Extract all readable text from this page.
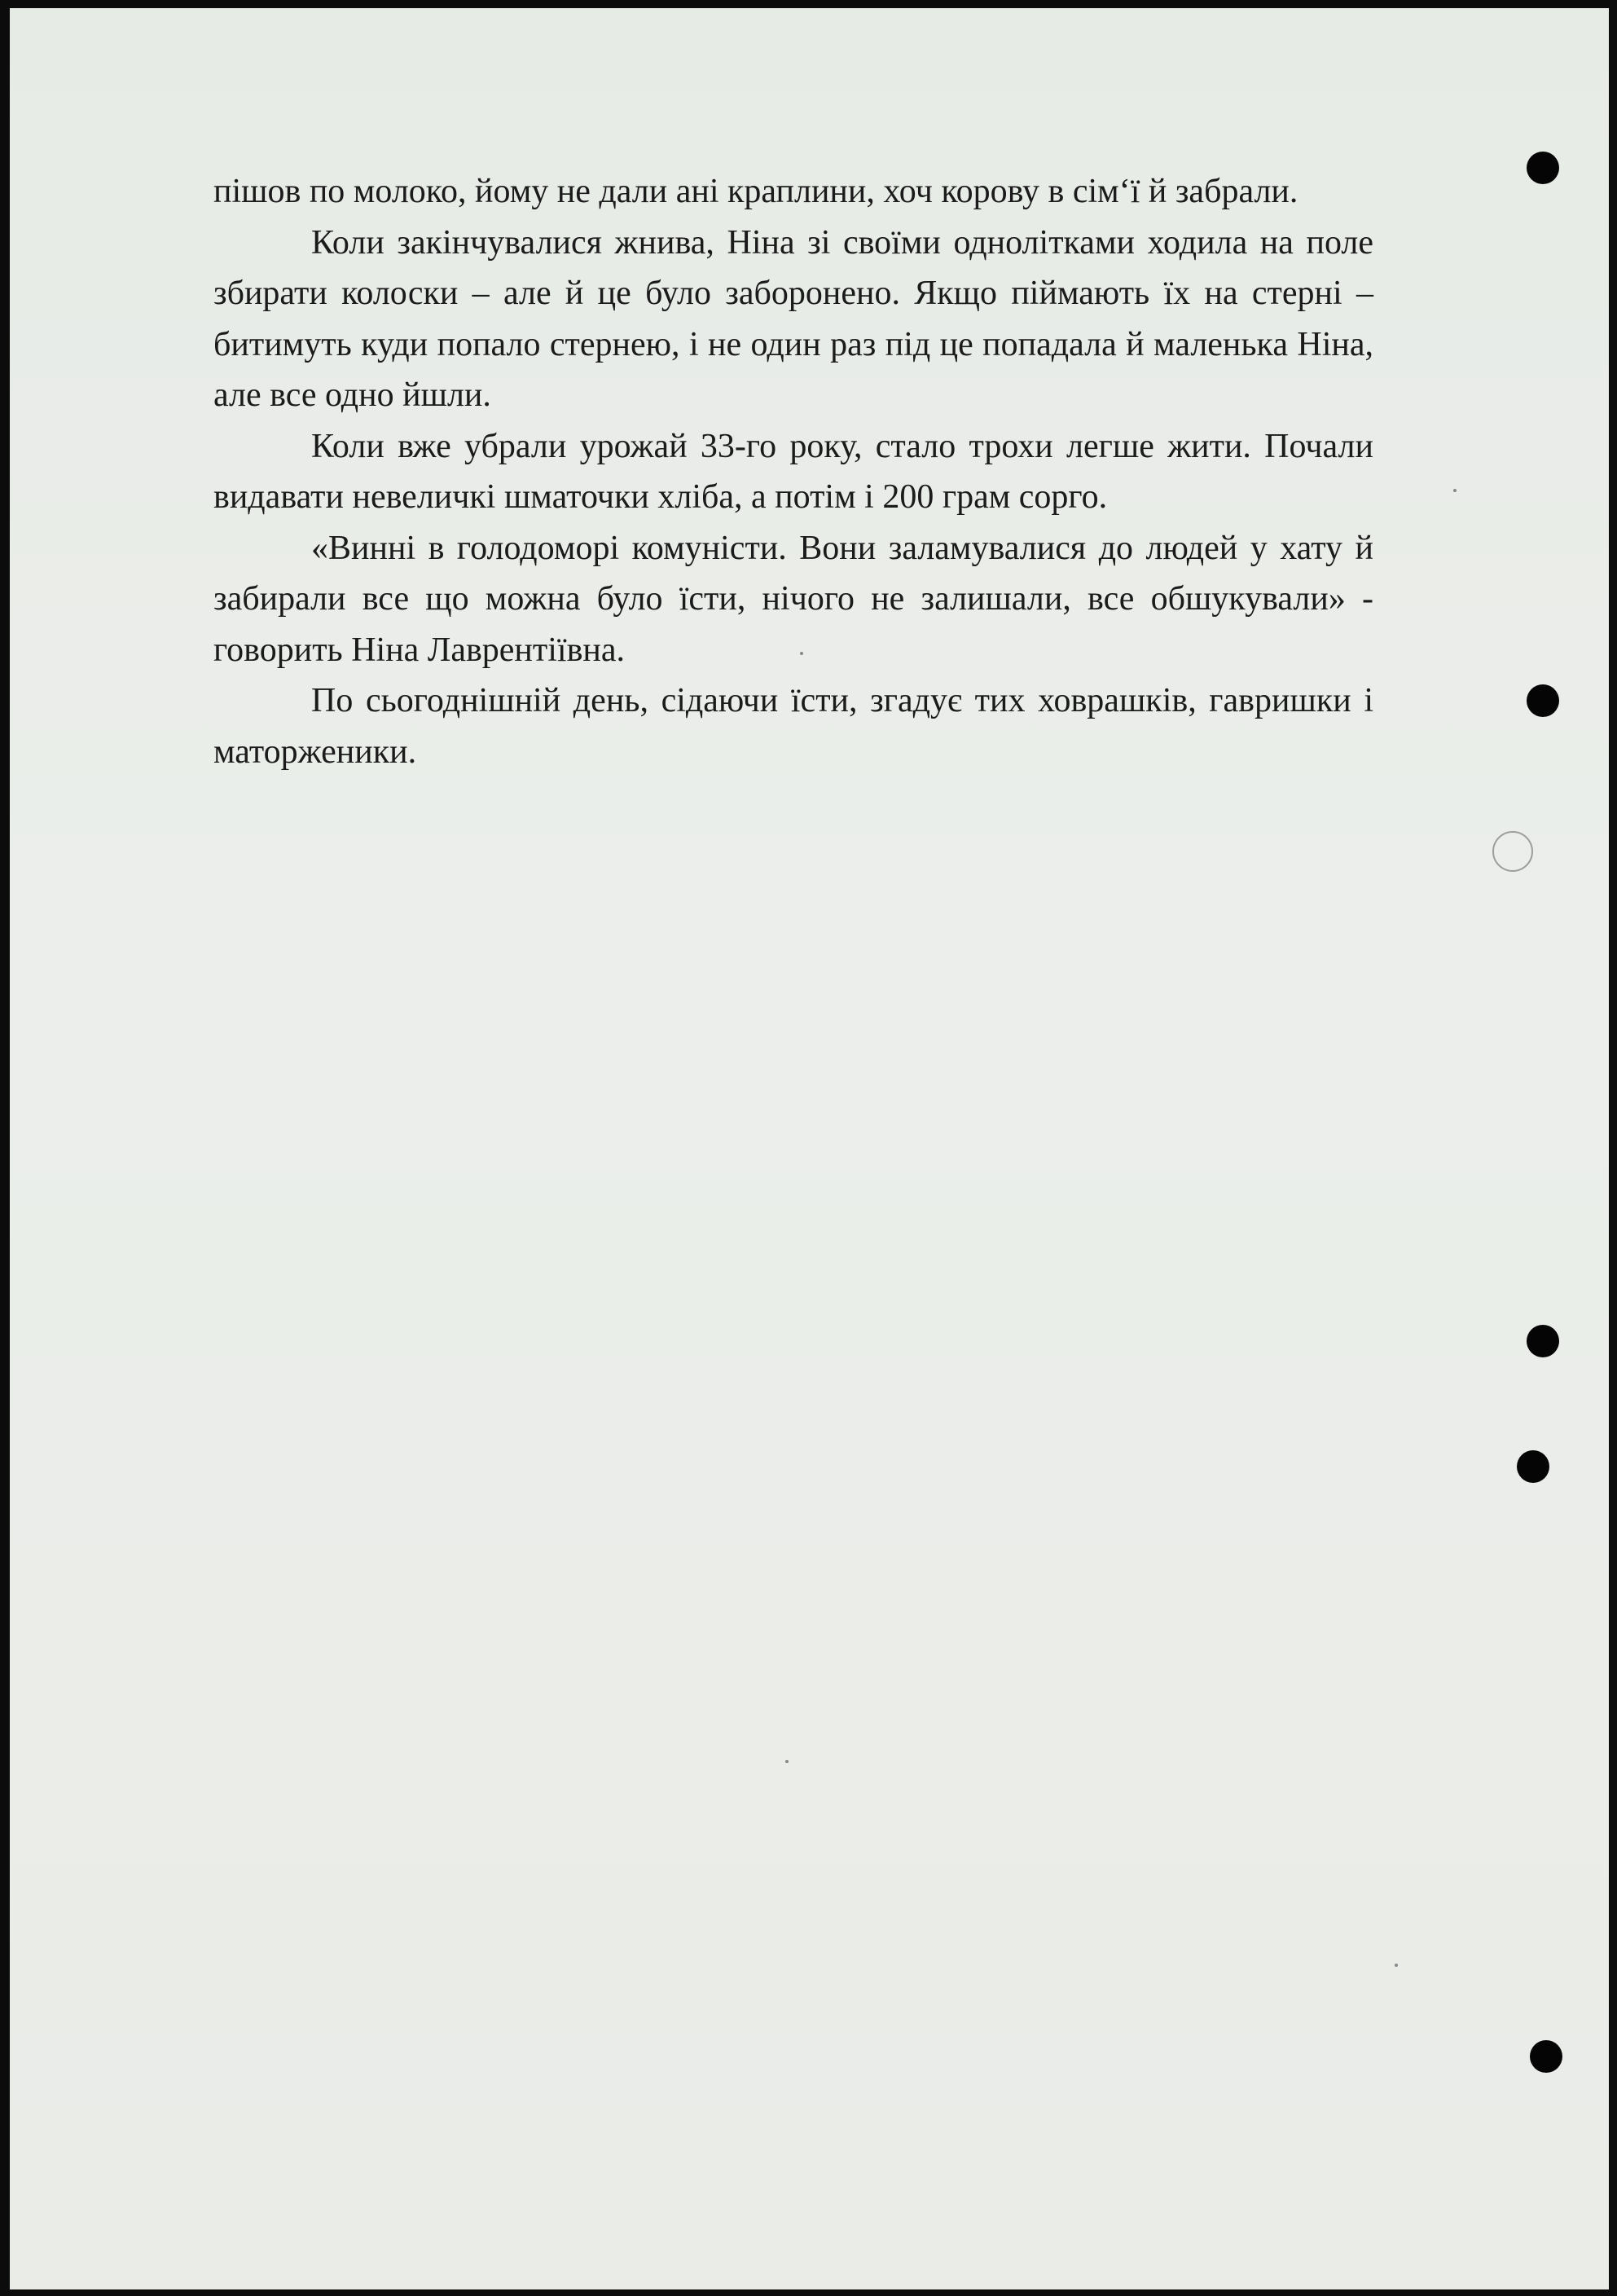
пішов по молоко, йому не дали ані краплини, хоч корову в сім‘ї й забрали.

Коли закінчувалися жнива, Ніна зі своїми однолітками ходила на поле збирати колоски – але й це було заборонено. Якщо піймають їх на стерні – битимуть куди попало стернею, і не один раз під це попадала й маленька Ніна, але все одно йшли.

Коли вже убрали урожай 33-го року, стало трохи легше жити. Почали видавати невеличкі шматочки хліба, а потім і 200 грам сорго.

«Винні в голодоморі комуністи. Вони заламувалися до людей у хату й забирали все що можна було їсти, нічого не залишали, все обшукували» - говорить Ніна Лаврентіївна.

По сьогоднішній день, сідаючи їсти, згадує тих ховрашків, гавришки і маторженики.
